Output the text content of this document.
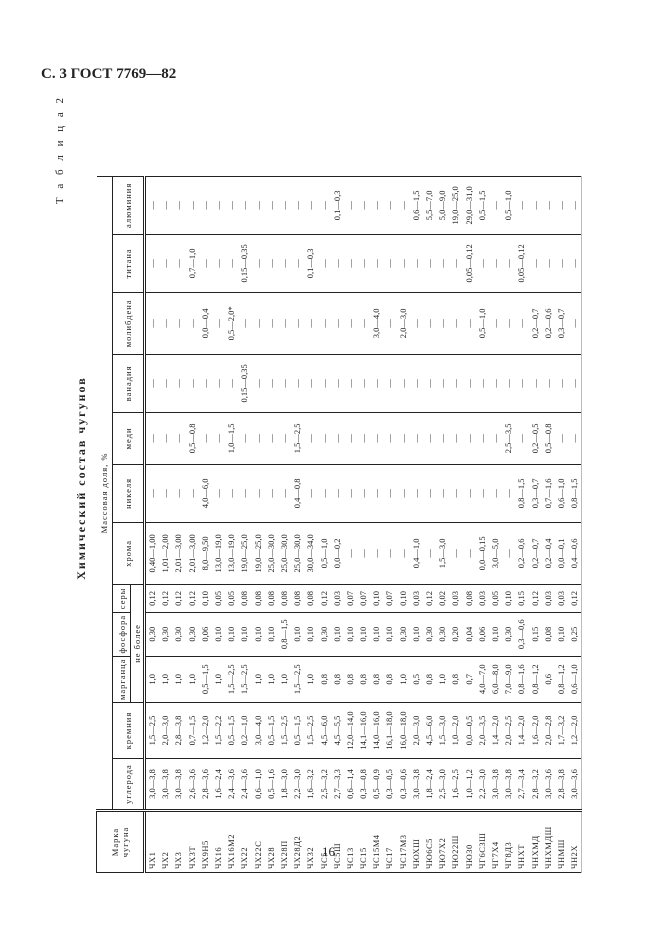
С. 3 ГОСТ 7769—82
Т а б л и ц а 2
Химический состав чугунов
Марка чугуна	Массовая доля, %											
	углерода	кремния	марганца	фосфора	серы	хрома	никеля	меди	ванадия	молибдена	титана	алюминия
			не более									
ЧХ1	3,0—3,8	1,5—2,5	1,0	0,30	0,12	0,40—1,00	—	—	—	—	—	—
ЧХ2	3,0—3,8	2,0—3,0	1,0	0,30	0,12	1,01—2,00	—	—	—	—	—	—
ЧХ3	3,0—3,8	2,8—3,8	1,0	0,30	0,12	2,01—3,00	—	—	—	—	—	—
ЧХ3Т	2,6—3,6	0,7—1,5	1,0	0,30	0,12	2,01—3,00	—	0,5—0,8	—	—	0,7—1,0	—
ЧХ9Н5	2,8—3,6	1,2—2,0	0,5—1,5	0,06	0,10	8,0—9,50	4,0—6,0	—	—	0,0—0,4	—	—
ЧХ16	1,6—2,4	1,5—2,2	1,0	0,10	0,05	13,0—19,0	—	—	—	—	—	—
ЧХ16М2	2,4—3,6	0,5—1,5	1,5—2,5	0,10	0,05	13,0—19,0	—	1,0—1,5	—	0,5—2,0*	—	—
ЧХ22	2,4—3,6	0,2—1,0	1,5—2,5	0,10	0,08	19,0—25,0	—	—	0,15—0,35	—	0,15—0,35	—
ЧХ22С	0,6—1,0	3,0—4,0	1,0	0,10	0,08	19,0—25,0	—	—	—	—	—	—
ЧХ28	0,5—1,6	0,5—1,5	1,0	0,10	0,08	25,0—30,0	—	—	—	—	—	—
ЧХ28П	1,8—3,0	1,5—2,5	1,0	0,8—1,5	0,08	25,0—30,0	—	—	—	—	—	—
ЧХ28Д2	2,2—3,0	0,5—1,5	1,5—2,5	0,10	0,08	25,0—30,0	0,4—0,8	1,5—2,5	—	—	—	—
ЧХ32	1,6—3,2	1,5—2,5	1,0	0,10	0,08	30,0—34,0	—	—	—	—	0,1—0,3	—
ЧС5	2,5—3,2	4,5—6,0	0,8	0,30	0,12	0,5—1,0	—	—	—	—	—	—
ЧС5Ш	2,7—3,3	4,5—5,5	0,8	0,10	0,03	0,0—0,2	—	—	—	—	—	0,1—0,3
ЧС13	0,6—1,4	12,0—14,0	0,8	0,10	0,07	—	—	—	—	—	—	—
ЧС15	0,3—0,8	14,1—16,0	0,8	0,10	0,07	—	—	—	—	—	—	—
ЧС15М4	0,5—0,9	14,0—16,0	0,8	0,10	0,10	—	—	—	—	3,0—4,0	—	—
ЧС17	0,3—0,5	16,1—18,0	0,8	0,10	0,07	—	—	—	—	—	—	—
ЧС17М3	0,3—0,6	16,0—18,0	1,0	0,30	0,10	—	—	—	—	2,0—3,0	—	—
ЧЮХШ	3,0—3,8	2,0—3,0	0,5	0,10	0,03	0,4—1,0	—	—	—	—	—	0,6—1,5
ЧЮ6С5	1,8—2,4	4,5—6,0	0,8	0,30	0,12	—	—	—	—	—	—	5,5—7,0
ЧЮ7Х2	2,5—3,0	1,5—3,0	1,0	0,30	0,02	1,5—3,0	—	—	—	—	—	5,0—9,0
ЧЮ22Ш	1,6—2,5	1,0—2,0	0,8	0,20	0,03	—	—	—	—	—	—	19,0—25,0
ЧЮ30	1,0—1,2	0,0—0,5	0,7	0,04	0,08	—	—	—	—	—	0,05—0,12	29,0—31,0
ЧГ6С3Ш	2,2—3,0	2,0—3,5	4,0—7,0	0,06	0,03	0,0—0,15	—	—	—	0,5—1,0	—	0,5—1,5
ЧГ7Х4	3,0—3,8	1,4—2,0	6,0—8,0	0,10	0,05	3,0—5,0	—	—	—	—	—	—
ЧГ8Д3	3,0—3,8	2,0—2,5	7,0—9,0	0,30	0,10	—	—	2,5—3,5	—	—	—	0,5—1,0
ЧНХТ	2,7—3,4	1,4—2,0	0,8—1,6	0,3—0,6	0,15	0,2—0,6	0,8—1,5	—	—	—	0,05—0,12	—
ЧНХМД	2,8—3,2	1,6—2,0	0,8—1,2	0,15	0,12	0,2—0,7	0,3—0,7	0,2—0,5	—	0,2—0,7	—	—
ЧНХМДШ	3,0—3,6	2,0—2,8	0,6	0,08	0,03	0,2—0,4	0,7—1,6	0,5—0,8	—	0,2—0,6	—	—
ЧНМШ	2,8—3,8	1,7—3,2	0,8—1,2	0,10	0,03	0,0—0,1	0,6—1,0	—	—	0,3—0,7	—	—
ЧН2Х	3,0—3,6	1,2—2,0	0,6—1,0	0,25	0,12	0,4—0,6	0,8—1,5	—	—	—	—	—
16
